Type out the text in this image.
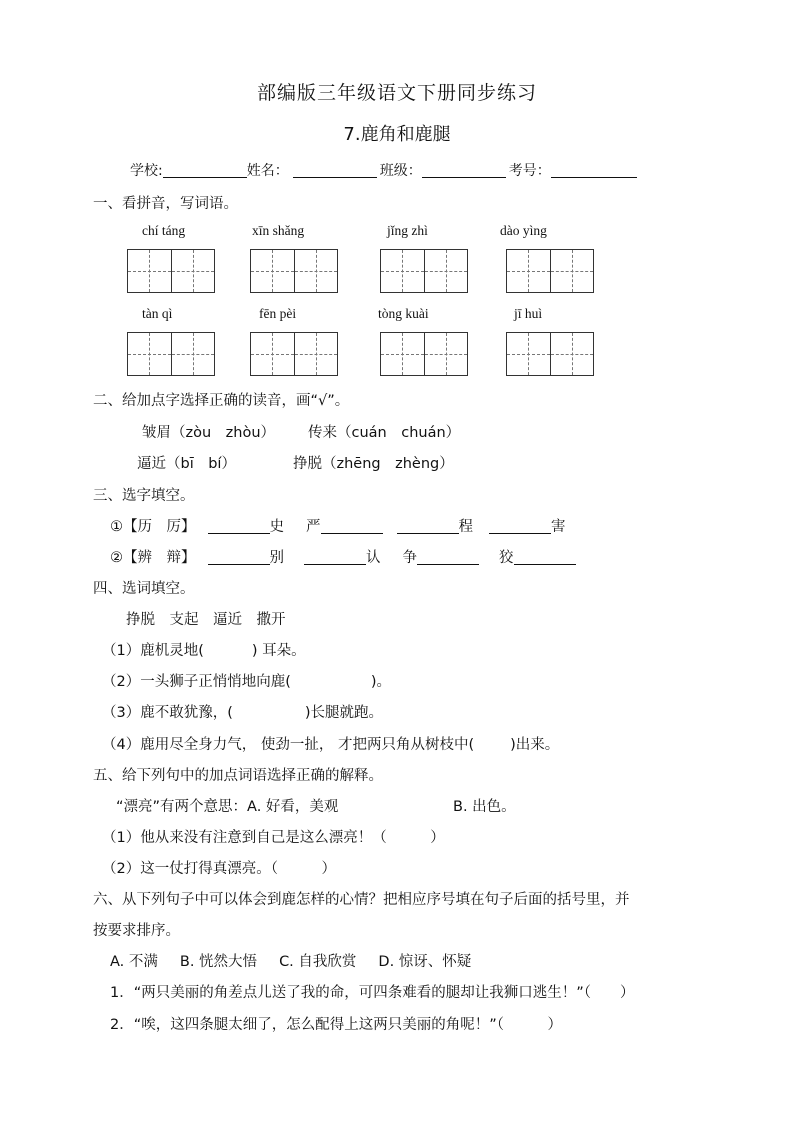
部编版三年级语文下册同步练习
7.鹿角和鹿腿
学校:	姓名：	班级：	考号：
一、看拼音，写词语。
chí táng	xīn shǎng	jǐng zhì	dào yìng
tàn qì	fēn pèi	tòng kuài	jī huì
二、给加点字选择正确的读音，画“√”。
皱眉（zòu　zhòu） 传来（cuán　chuán）
逼近（bī　bí）	挣脱（zhēng　zhèng）
三、选字填空。
①【历　厉】	史 严	程	害
②【辨　辩】	别	认 争	狡
四、选词填空。
挣脱　支起　逼近　撒开
（1）鹿机灵地(	) 耳朵。
（2）一头狮子正悄悄地向鹿(	)。
（3）鹿不敢犹豫，(	)长腿就跑。
（4）鹿用尽全身力气， 使劲一扯， 才把两只角从树枝中( )出来。
五、给下列句中的加点词语选择正确的解释。
“漂亮”有两个意思：A. 好看，美观	B. 出色。
（1）他从来没有注意到自己是这么漂亮！（　　　）
（2）这一仗打得真漂亮。（　　　）
六、从下列句子中可以体会到鹿怎样的心情？把相应序号填在句子后面的括号里，并
按要求排序。
A. 不满 B. 恍然大悟 C. 自我欣赏 D. 惊讶、怀疑
1．“两只美丽的角差点儿送了我的命，可四条难看的腿却让我狮口逃生！”（　　）
2．“唉，这四条腿太细了，怎么配得上这两只美丽的角呢！”（　　　）
